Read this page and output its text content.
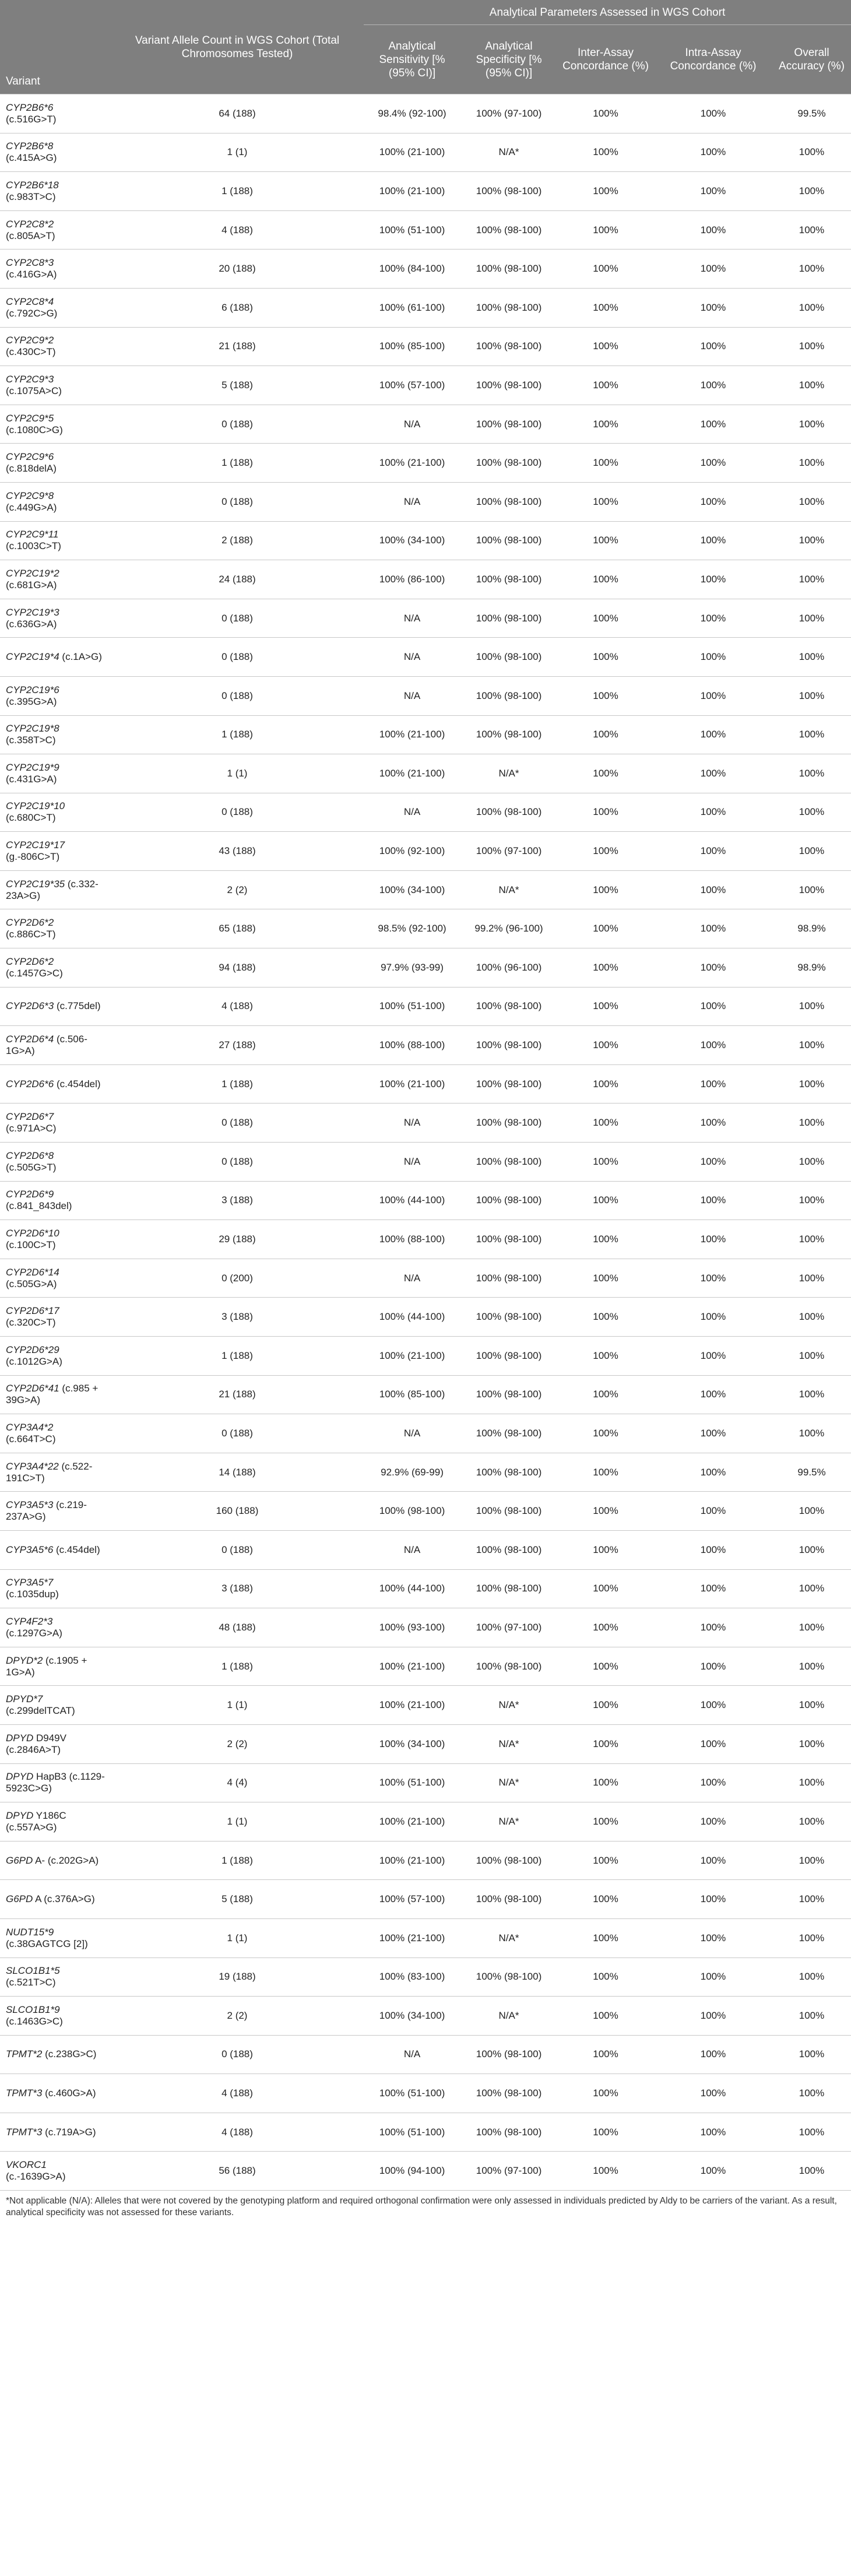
Variant	Variant Allele Count in WGS Cohort (Total Chromosomes Tested)	Analytical Parameters Assessed in WGS Cohort				
		Analytical Sensitivity [% (95% CI)]	Analytical Specificity [% (95% CI)]	Inter-Assay Concordance (%)	Intra-Assay Concordance (%)	Overall Accuracy (%)
CYP2B6*6 (c.516G>T)	64 (188)	98.4% (92-100)	100% (97-100)	100%	100%	99.5%
CYP2B6*8 (c.415A>G)	1 (1)	100% (21-100)	N/A*	100%	100%	100%
CYP2B6*18 (c.983T>C)	1 (188)	100% (21-100)	100% (98-100)	100%	100%	100%
CYP2C8*2 (c.805A>T)	4 (188)	100% (51-100)	100% (98-100)	100%	100%	100%
CYP2C8*3 (c.416G>A)	20 (188)	100% (84-100)	100% (98-100)	100%	100%	100%
CYP2C8*4 (c.792C>G)	6 (188)	100% (61-100)	100% (98-100)	100%	100%	100%
CYP2C9*2 (c.430C>T)	21 (188)	100% (85-100)	100% (98-100)	100%	100%	100%
CYP2C9*3 (c.1075A>C)	5 (188)	100% (57-100)	100% (98-100)	100%	100%	100%
CYP2C9*5 (c.1080C>G)	0 (188)	N/A	100% (98-100)	100%	100%	100%
CYP2C9*6 (c.818delA)	1 (188)	100% (21-100)	100% (98-100)	100%	100%	100%
CYP2C9*8 (c.449G>A)	0 (188)	N/A	100% (98-100)	100%	100%	100%
CYP2C9*11 (c.1003C>T)	2 (188)	100% (34-100)	100% (98-100)	100%	100%	100%
CYP2C19*2 (c.681G>A)	24 (188)	100% (86-100)	100% (98-100)	100%	100%	100%
CYP2C19*3 (c.636G>A)	0 (188)	N/A	100% (98-100)	100%	100%	100%
CYP2C19*4 (c.1A>G)	0 (188)	N/A	100% (98-100)	100%	100%	100%
CYP2C19*6 (c.395G>A)	0 (188)	N/A	100% (98-100)	100%	100%	100%
CYP2C19*8 (c.358T>C)	1 (188)	100% (21-100)	100% (98-100)	100%	100%	100%
CYP2C19*9 (c.431G>A)	1 (1)	100% (21-100)	N/A*	100%	100%	100%
CYP2C19*10 (c.680C>T)	0 (188)	N/A	100% (98-100)	100%	100%	100%
CYP2C19*17 (g.-806C>T)	43 (188)	100% (92-100)	100% (97-100)	100%	100%	100%
CYP2C19*35 (c.332-23A>G)	2 (2)	100% (34-100)	N/A*	100%	100%	100%
CYP2D6*2 (c.886C>T)	65 (188)	98.5% (92-100)	99.2% (96-100)	100%	100%	98.9%
CYP2D6*2 (c.1457G>C)	94 (188)	97.9% (93-99)	100% (96-100)	100%	100%	98.9%
CYP2D6*3 (c.775del)	4 (188)	100% (51-100)	100% (98-100)	100%	100%	100%
CYP2D6*4 (c.506-1G>A)	27 (188)	100% (88-100)	100% (98-100)	100%	100%	100%
CYP2D6*6 (c.454del)	1 (188)	100% (21-100)	100% (98-100)	100%	100%	100%
CYP2D6*7 (c.971A>C)	0 (188)	N/A	100% (98-100)	100%	100%	100%
CYP2D6*8 (c.505G>T)	0 (188)	N/A	100% (98-100)	100%	100%	100%
CYP2D6*9 (c.841_843del)	3 (188)	100% (44-100)	100% (98-100)	100%	100%	100%
CYP2D6*10 (c.100C>T)	29 (188)	100% (88-100)	100% (98-100)	100%	100%	100%
CYP2D6*14 (c.505G>A)	0 (200)	N/A	100% (98-100)	100%	100%	100%
CYP2D6*17 (c.320C>T)	3 (188)	100% (44-100)	100% (98-100)	100%	100%	100%
CYP2D6*29 (c.1012G>A)	1 (188)	100% (21-100)	100% (98-100)	100%	100%	100%
CYP2D6*41 (c.985 + 39G>A)	21 (188)	100% (85-100)	100% (98-100)	100%	100%	100%
CYP3A4*2 (c.664T>C)	0 (188)	N/A	100% (98-100)	100%	100%	100%
CYP3A4*22 (c.522-191C>T)	14 (188)	92.9% (69-99)	100% (98-100)	100%	100%	99.5%
CYP3A5*3 (c.219-237A>G)	160 (188)	100% (98-100)	100% (98-100)	100%	100%	100%
CYP3A5*6 (c.454del)	0 (188)	N/A	100% (98-100)	100%	100%	100%
CYP3A5*7 (c.1035dup)	3 (188)	100% (44-100)	100% (98-100)	100%	100%	100%
CYP4F2*3 (c.1297G>A)	48 (188)	100% (93-100)	100% (97-100)	100%	100%	100%
DPYD*2 (c.1905 + 1G>A)	1 (188)	100% (21-100)	100% (98-100)	100%	100%	100%
DPYD*7 (c.299delTCAT)	1 (1)	100% (21-100)	N/A*	100%	100%	100%
DPYD D949V (c.2846A>T)	2 (2)	100% (34-100)	N/A*	100%	100%	100%
DPYD HapB3 (c.1129-5923C>G)	4 (4)	100% (51-100)	N/A*	100%	100%	100%
DPYD Y186C (c.557A>G)	1 (1)	100% (21-100)	N/A*	100%	100%	100%
G6PD A- (c.202G>A)	1 (188)	100% (21-100)	100% (98-100)	100%	100%	100%
G6PD A (c.376A>G)	5 (188)	100% (57-100)	100% (98-100)	100%	100%	100%
NUDT15*9 (c.38GAGTCG [2])	1 (1)	100% (21-100)	N/A*	100%	100%	100%
SLCO1B1*5 (c.521T>C)	19 (188)	100% (83-100)	100% (98-100)	100%	100%	100%
SLCO1B1*9 (c.1463G>C)	2 (2)	100% (34-100)	N/A*	100%	100%	100%
TPMT*2 (c.238G>C)	0 (188)	N/A	100% (98-100)	100%	100%	100%
TPMT*3 (c.460G>A)	4 (188)	100% (51-100)	100% (98-100)	100%	100%	100%
TPMT*3 (c.719A>G)	4 (188)	100% (51-100)	100% (98-100)	100%	100%	100%
VKORC1 (c.-1639G>A)	56 (188)	100% (94-100)	100% (97-100)	100%	100%	100%
*Not applicable (N/A): Alleles that were not covered by the genotyping platform and required orthogonal confirmation were only assessed in individuals predicted by Aldy to be carriers of the variant. As a result, analytical specificity was not assessed for these variants.
